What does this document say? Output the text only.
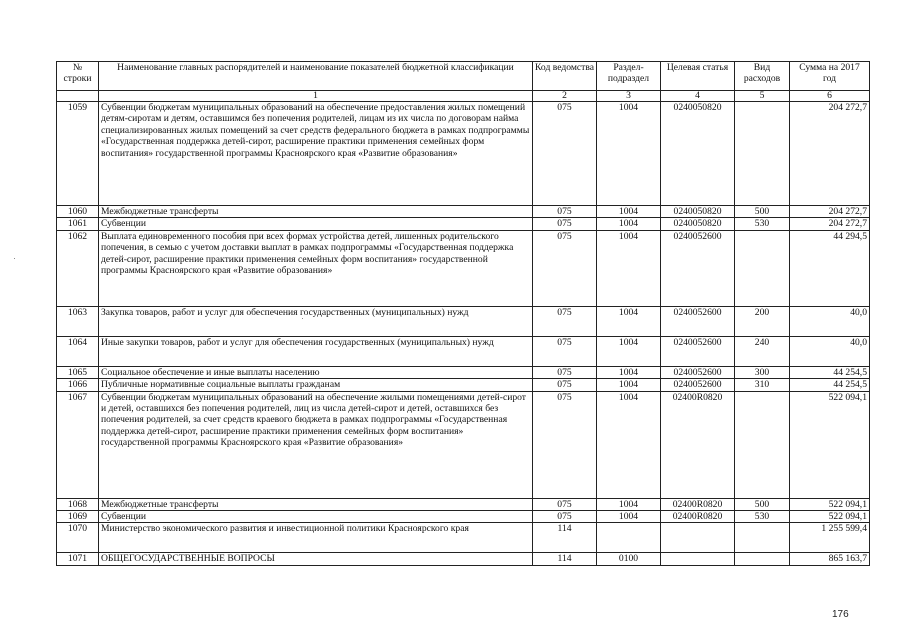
№ строки	Наименование главных распорядителей и наименование показателей бюджетной классификации	Код ведомства	Раздел-подраздел	Целевая статья	Вид расходов	Сумма на 2017 год
	1	2	3	4	5	6
1059	Субвенции бюджетам муниципальных образований на обеспечение предоставления жилых помещений детям-сиротам и детям, оставшимся без попечения родителей, лицам из их числа по договорам найма специализированных жилых помещений за счет средств федерального бюджета в рамках подпрограммы «Государственная поддержка детей-сирот, расширение практики применения семейных форм воспитания» государственной программы Красноярского края «Развитие образования»	075	1004	0240050820		204 272,7
1060	Межбюджетные трансферты	075	1004	0240050820	500	204 272,7
1061	Субвенции	075	1004	0240050820	530	204 272,7
1062	Выплата единовременного пособия при всех формах устройства детей, лишенных родительского попечения, в семью с учетом доставки выплат в рамках подпрограммы «Государственная поддержка детей-сирот, расширение практики применения семейных форм воспитания» государственной программы Красноярского края «Развитие образования»	075	1004	0240052600		44 294,5
1063	Закупка товаров, работ и услуг для обеспечения государственных (муниципальных) нужд	075	1004	0240052600	200	40,0
1064	Иные закупки товаров, работ и услуг для обеспечения государственных (муниципальных) нужд	075	1004	0240052600	240	40,0
1065	Социальное обеспечение и иные выплаты населению	075	1004	0240052600	300	44 254,5
1066	Публичные нормативные социальные выплаты гражданам	075	1004	0240052600	310	44 254,5
1067	Субвенции бюджетам муниципальных образований на обеспечение жилыми помещениями детей-сирот и детей, оставшихся без попечения родителей, лиц из числа детей-сирот и детей, оставшихся без попечения родителей, за счет средств краевого бюджета в рамках подпрограммы «Государственная поддержка детей-сирот, расширение практики применения семейных форм воспитания» государственной программы Красноярского края «Развитие образования»	075	1004	02400R0820		522 094,1
1068	Межбюджетные трансферты	075	1004	02400R0820	500	522 094,1
1069	Субвенции	075	1004	02400R0820	530	522 094,1
1070	Министерство экономического развития и инвестиционной политики Красноярского края	114				1 255 599,4
1071	ОБЩЕГОСУДАРСТВЕННЫЕ ВОПРОСЫ	114	0100			865 163,7
176
